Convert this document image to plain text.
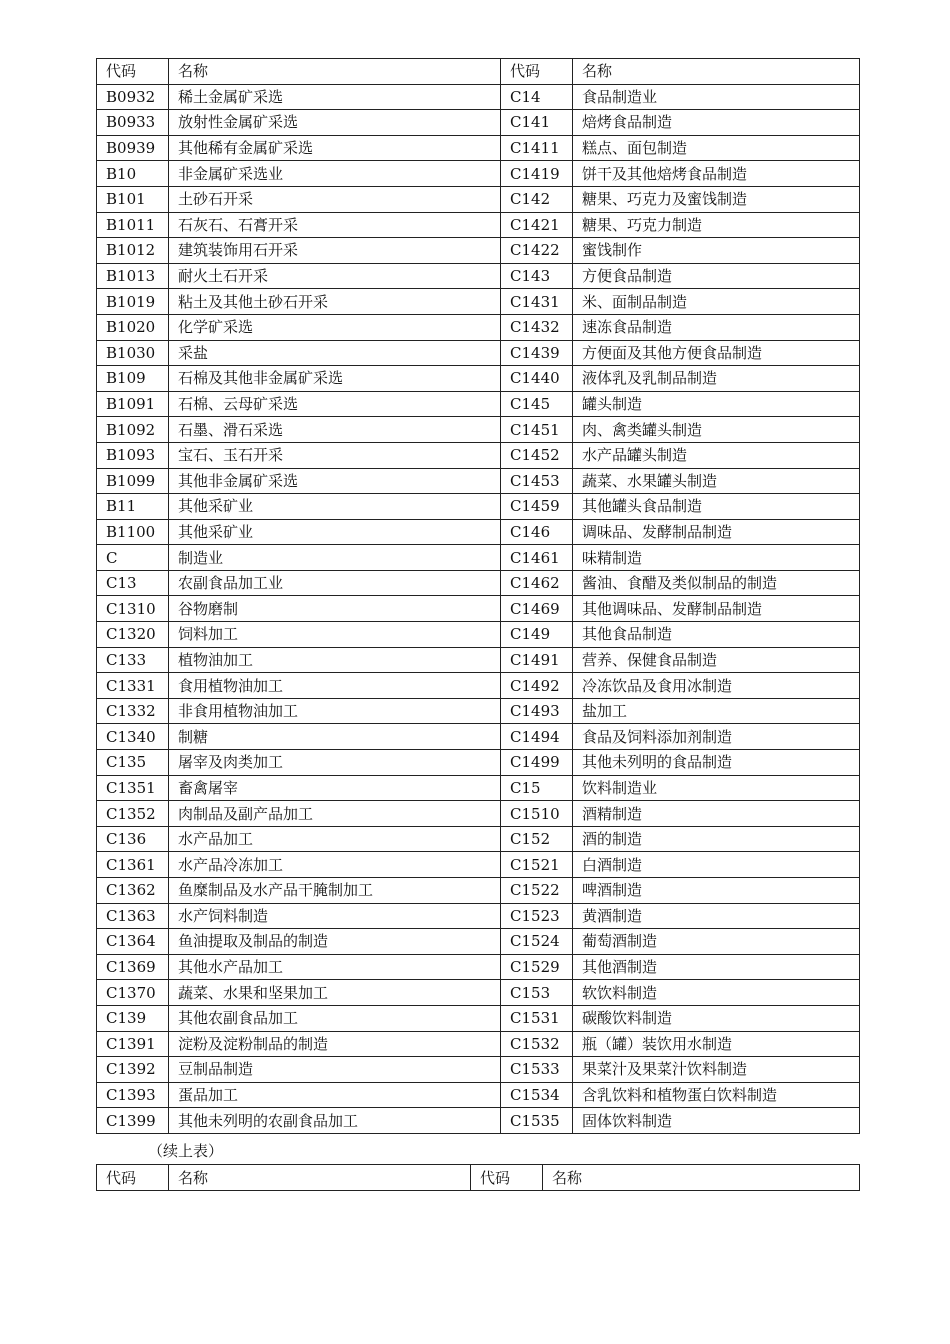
代码	名称	代码	名称
B0932	稀土金属矿采选	C14	食品制造业
B0933	放射性金属矿采选	C141	焙烤食品制造
B0939	其他稀有金属矿采选	C1411	糕点、面包制造
B10	非金属矿采选业	C1419	饼干及其他焙烤食品制造
B101	土砂石开采	C142	糖果、巧克力及蜜饯制造
B1011	石灰石、石膏开采	C1421	糖果、巧克力制造
B1012	建筑装饰用石开采	C1422	蜜饯制作
B1013	耐火土石开采	C143	方便食品制造
B1019	粘土及其他土砂石开采	C1431	米、面制品制造
B1020	化学矿采选	C1432	速冻食品制造
B1030	采盐	C1439	方便面及其他方便食品制造
B109	石棉及其他非金属矿采选	C1440	液体乳及乳制品制造
B1091	石棉、云母矿采选	C145	罐头制造
B1092	石墨、滑石采选	C1451	肉、禽类罐头制造
B1093	宝石、玉石开采	C1452	水产品罐头制造
B1099	其他非金属矿采选	C1453	蔬菜、水果罐头制造
B11	其他采矿业	C1459	其他罐头食品制造
B1100	其他采矿业	C146	调味品、发酵制品制造
C	制造业	C1461	味精制造
C13	农副食品加工业	C1462	酱油、食醋及类似制品的制造
C1310	谷物磨制	C1469	其他调味品、发酵制品制造
C1320	饲料加工	C149	其他食品制造
C133	植物油加工	C1491	营养、保健食品制造
C1331	食用植物油加工	C1492	冷冻饮品及食用冰制造
C1332	非食用植物油加工	C1493	盐加工
C1340	制糖	C1494	食品及饲料添加剂制造
C135	屠宰及肉类加工	C1499	其他未列明的食品制造
C1351	畜禽屠宰	C15	饮料制造业
C1352	肉制品及副产品加工	C1510	酒精制造
C136	水产品加工	C152	酒的制造
C1361	水产品冷冻加工	C1521	白酒制造
C1362	鱼糜制品及水产品干腌制加工	C1522	啤酒制造
C1363	水产饲料制造	C1523	黄酒制造
C1364	鱼油提取及制品的制造	C1524	葡萄酒制造
C1369	其他水产品加工	C1529	其他酒制造
C1370	蔬菜、水果和坚果加工	C153	软饮料制造
C139	其他农副食品加工	C1531	碳酸饮料制造
C1391	淀粉及淀粉制品的制造	C1532	瓶（罐）装饮用水制造
C1392	豆制品制造	C1533	果菜汁及果菜汁饮料制造
C1393	蛋品加工	C1534	含乳饮料和植物蛋白饮料制造
C1399	其他未列明的农副食品加工	C1535	固体饮料制造
（续上表）
代码	名称	代码	名称
